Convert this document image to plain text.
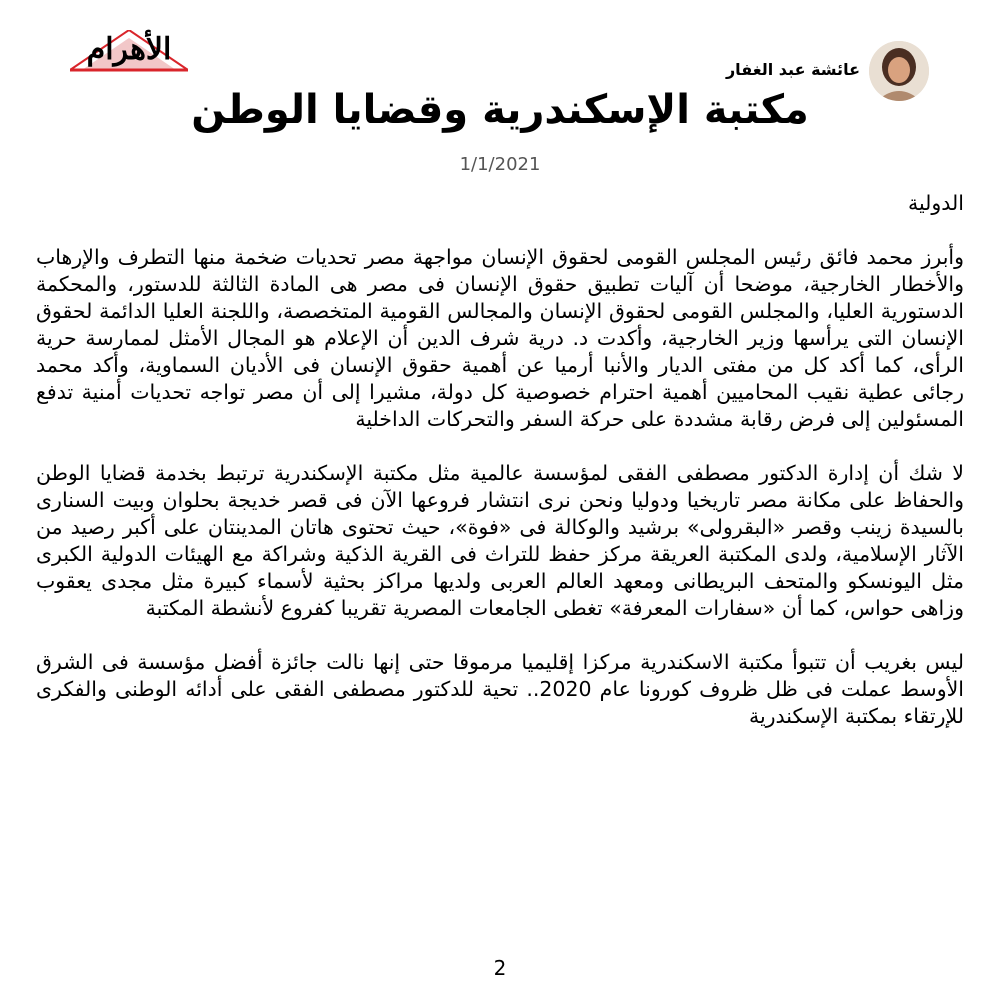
الأهرام
عائشة عبد الغفار
مكتبة الإسكندرية وقضايا الوطن
1/1/2021

الدولية

وأبرز محمد فائق رئيس المجلس القومى لحقوق الإنسان مواجهة مصر تحديات ضخمة منها التطرف والإرهاب والأخطار الخارجية، موضحا أن آليات تطبيق حقوق الإنسان فى مصر هى المادة الثالثة للدستور، والمحكمة الدستورية العليا، والمجلس القومى لحقوق الإنسان والمجالس القومية المتخصصة، واللجنة العليا الدائمة لحقوق الإنسان التى يرأسها وزير الخارجية، وأكدت د. درية شرف الدين أن الإعلام هو المجال الأمثل لممارسة حرية الرأى، كما أكد كل من مفتى الديار والأنبا أرميا عن أهمية حقوق الإنسان فى الأديان السماوية، وأكد محمد رجائى عطية نقيب المحاميين أهمية احترام خصوصية كل دولة، مشيرا إلى أن مصر تواجه تحديات أمنية تدفع المسئولين إلى فرض رقابة مشددة على حركة السفر والتحركات الداخلية

لا شك أن إدارة الدكتور مصطفى الفقى لمؤسسة عالمية مثل مكتبة الإسكندرية ترتبط بخدمة قضايا الوطن والحفاظ على مكانة مصر تاريخيا ودوليا ونحن نرى انتشار فروعها الآن فى قصر خديجة بحلوان وبيت السنارى بالسيدة زينب وقصر «البقرولى» برشيد والوكالة فى «فوة»، حيث تحتوى هاتان المدينتان على أكبر رصيد من الآثار الإسلامية، ولدى المكتبة العريقة مركز حفظ للتراث فى القرية الذكية وشراكة مع الهيئات الدولية الكبرى مثل اليونسكو والمتحف البريطانى ومعهد العالم العربى ولديها مراكز بحثية لأسماء كبيرة مثل مجدى يعقوب وزاهى حواس، كما أن «سفارات المعرفة» تغطى الجامعات المصرية تقريبا كفروع لأنشطة المكتبة

ليس بغريب أن تتبوأ مكتبة الاسكندرية مركزا إقليميا مرموقا حتى إنها نالت جائزة أفضل مؤسسة فى الشرق الأوسط عملت فى ظل ظروف كورونا عام 2020.. تحية للدكتور مصطفى الفقى على أدائه الوطنى والفكرى للإرتقاء بمكتبة الإسكندرية

2
